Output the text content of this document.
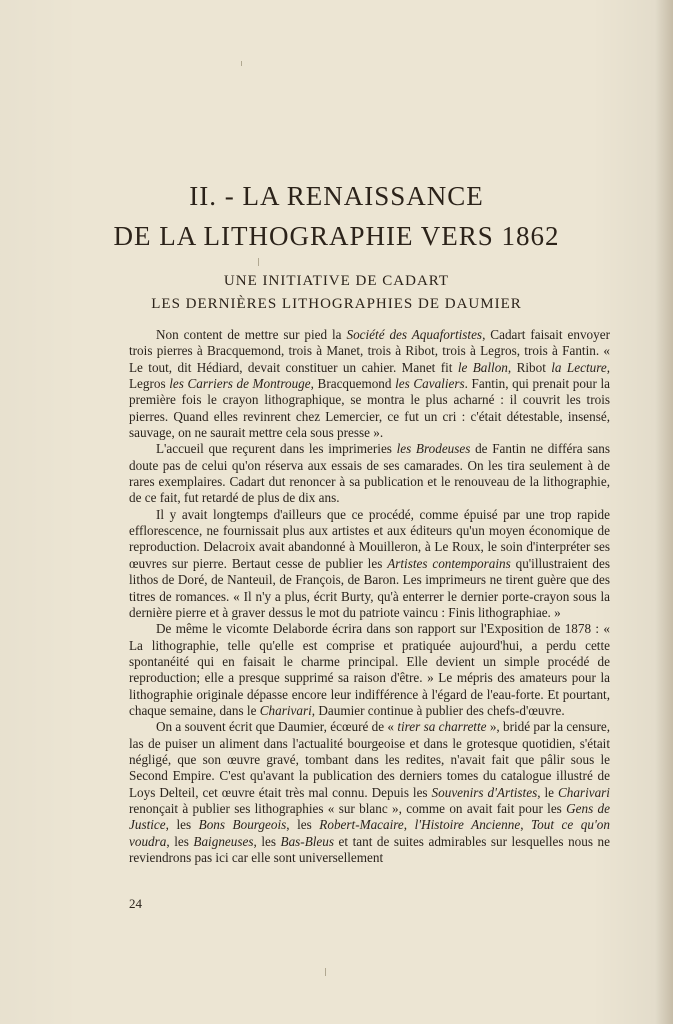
II. - LA RENAISSANCE
DE LA LITHOGRAPHIE VERS 1862
UNE INITIATIVE DE CADART
LES DERNIÈRES LITHOGRAPHIES DE DAUMIER

Non content de mettre sur pied la Société des Aquafortistes, Cadart faisait envoyer trois pierres à Bracquemond, trois à Manet, trois à Ribot, trois à Legros, trois à Fantin. « Le tout, dit Hédiard, devait constituer un cahier. Manet fit le Ballon, Ribot la Lecture, Legros les Carriers de Montrouge, Bracquemond les Cavaliers. Fantin, qui prenait pour la première fois le crayon lithographique, se montra le plus acharné : il couvrit les trois pierres. Quand elles revinrent chez Lemercier, ce fut un cri : c'était détestable, insensé, sauvage, on ne saurait mettre cela sous presse ».

L'accueil que reçurent dans les imprimeries les Brodeuses de Fantin ne différa sans doute pas de celui qu'on réserva aux essais de ses camarades. On les tira seulement à de rares exemplaires. Cadart dut renoncer à sa publication et le renouveau de la lithographie, de ce fait, fut retardé de plus de dix ans.

Il y avait longtemps d'ailleurs que ce procédé, comme épuisé par une trop rapide efflorescence, ne fournissait plus aux artistes et aux éditeurs qu'un moyen économique de reproduction. Delacroix avait abandonné à Mouilleron, à Le Roux, le soin d'interpréter ses œuvres sur pierre. Bertaut cesse de publier les Artistes contemporains qu'illustraient des lithos de Doré, de Nanteuil, de François, de Baron. Les imprimeurs ne tirent guère que des titres de romances. « Il n'y a plus, écrit Burty, qu'à enterrer le dernier porte-crayon sous la dernière pierre et à graver dessus le mot du patriote vaincu : Finis lithographiae. »

De même le vicomte Delaborde écrira dans son rapport sur l'Exposition de 1878 : « La lithographie, telle qu'elle est comprise et pratiquée aujourd'hui, a perdu cette spontanéité qui en faisait le charme principal. Elle devient un simple procédé de reproduction; elle a presque supprimé sa raison d'être. » Le mépris des amateurs pour la lithographie originale dépasse encore leur indifférence à l'égard de l'eau-forte. Et pourtant, chaque semaine, dans le Charivari, Daumier continue à publier des chefs-d'œuvre.

On a souvent écrit que Daumier, écœuré de « tirer sa charrette », bridé par la censure, las de puiser un aliment dans l'actualité bourgeoise et dans le grotesque quotidien, s'était négligé, que son œuvre gravé, tombant dans les redites, n'avait fait que pâlir sous le Second Empire. C'est qu'avant la publication des derniers tomes du catalogue illustré de Loys Delteil, cet œuvre était très mal connu. Depuis les Souvenirs d'Artistes, le Charivari renonçait à publier ses lithographies « sur blanc », comme on avait fait pour les Gens de Justice, les Bons Bourgeois, les Robert-Macaire, l'Histoire Ancienne, Tout ce qu'on voudra, les Baigneuses, les Bas-Bleus et tant de suites admirables sur lesquelles nous ne reviendrons pas ici car elle sont universellement

24
